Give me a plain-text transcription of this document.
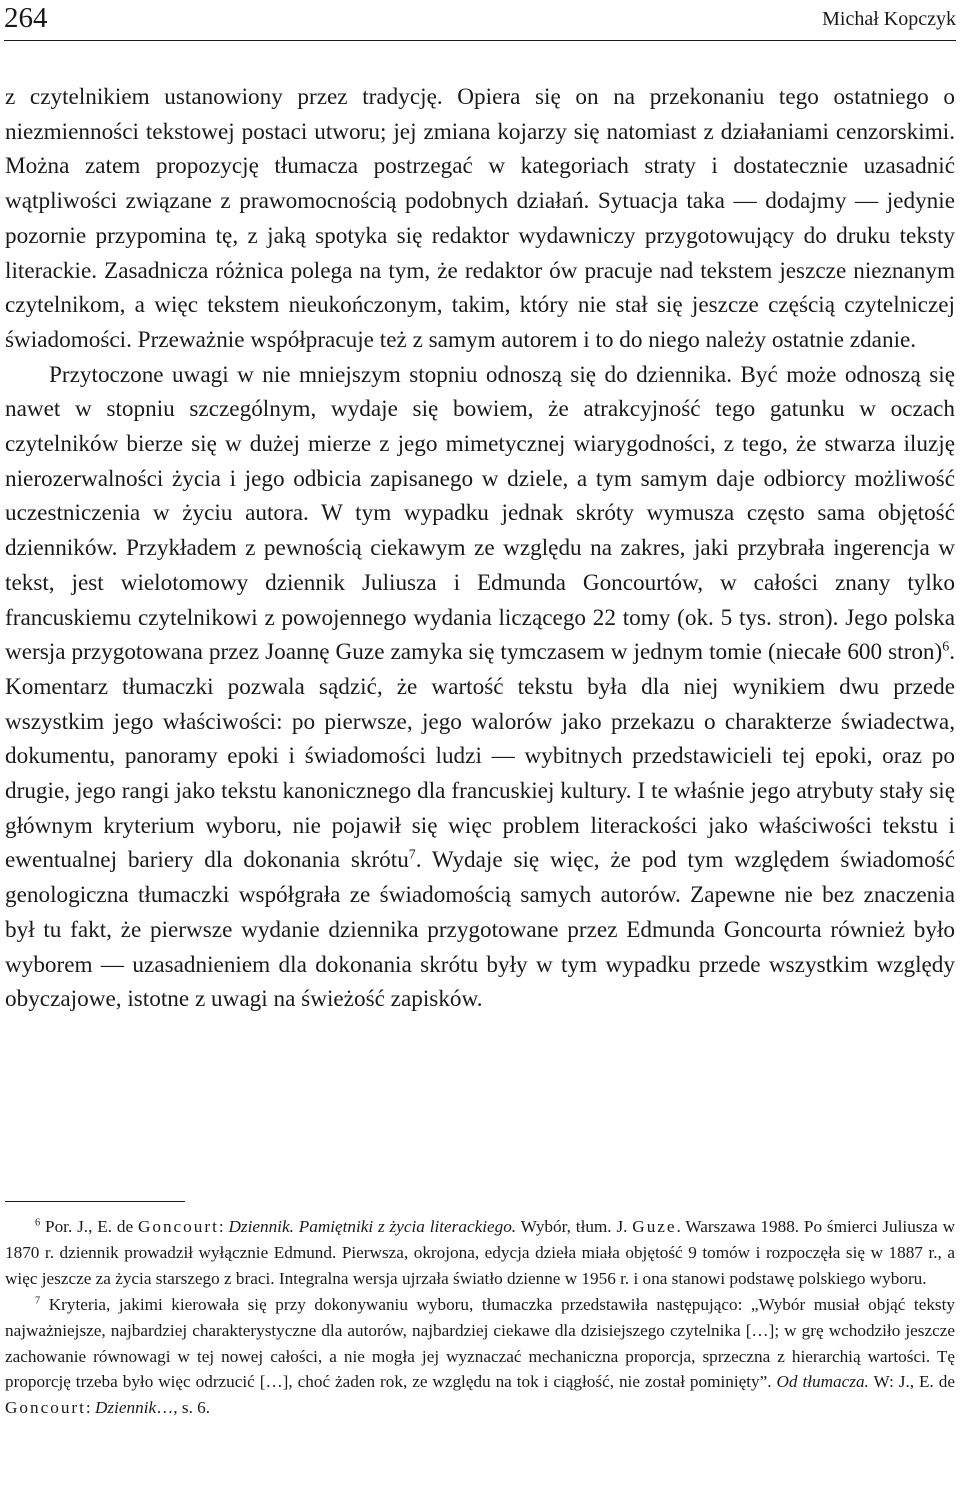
264	Michał Kopczyk

z czytelnikiem ustanowiony przez tradycję. Opiera się on na przekonaniu tego ostatniego o niezmienności tekstowej postaci utworu; jej zmiana kojarzy się natomiast z działaniami cenzorskimi. Można zatem propozycję tłumacza postrzegać w kategoriach straty i dostatecznie uzasadnić wątpliwości związane z prawomocnością podobnych działań. Sytuacja taka — dodajmy — jedynie pozornie przypomina tę, z jaką spotyka się redaktor wydawniczy przygotowujący do druku teksty literackie. Zasadnicza różnica polega na tym, że redaktor ów pracuje nad tekstem jeszcze nieznanym czytelnikom, a więc tekstem nieukończonym, takim, który nie stał się jeszcze częścią czytelniczej świadomości. Przeważnie współpracuje też z samym autorem i to do niego należy ostatnie zdanie.

Przytoczone uwagi w nie mniejszym stopniu odnoszą się do dziennika. Być może odnoszą się nawet w stopniu szczególnym, wydaje się bowiem, że atrakcyjność tego gatunku w oczach czytelników bierze się w dużej mierze z jego mimetycznej wiarygodności, z tego, że stwarza iluzję nierozerwalności życia i jego odbicia zapisanego w dziele, a tym samym daje odbiorcy możliwość uczestniczenia w życiu autora. W tym wypadku jednak skróty wymusza często sama objętość dzienników. Przykładem z pewnością ciekawym ze względu na zakres, jaki przybrała ingerencja w tekst, jest wielotomowy dziennik Juliusza i Edmunda Goncourtów, w całości znany tylko francuskiemu czytelnikowi z powojennego wydania liczącego 22 tomy (ok. 5 tys. stron). Jego polska wersja przygotowana przez Joannę Guze zamyka się tymczasem w jednym tomie (niecałe 600 stron)$^6$. Komentarz tłumaczki pozwala sądzić, że wartość tekstu była dla niej wynikiem dwu przede wszystkim jego właściwości: po pierwsze, jego walorów jako przekazu o charakterze świadectwa, dokumentu, panoramy epoki i świadomości ludzi — wybitnych przedstawicieli tej epoki, oraz po drugie, jego rangi jako tekstu kanonicznego dla francuskiej kultury. I te właśnie jego atrybuty stały się głównym kryterium wyboru, nie pojawił się więc problem literackości jako właściwości tekstu i ewentualnej bariery dla dokonania skrótu$^7$. Wydaje się więc, że pod tym względem świadomość genologiczna tłumaczki współgrała ze świadomością samych autorów. Zapewne nie bez znaczenia był tu fakt, że pierwsze wydanie dziennika przygotowane przez Edmunda Goncourta również było wyborem — uzasadnieniem dla dokonania skrótu były w tym wypadku przede wszystkim względy obyczajowe, istotne z uwagi na świeżość zapisków.

$^6$ Por. J., E. de Goncourt: Dziennik. Pamiętniki z życia literackiego. Wybór, tłum. J. Guze. Warszawa 1988. Po śmierci Juliusza w 1870 r. dziennik prowadził wyłącznie Edmund. Pierwsza, okrojona, edycja dzieła miała objętość 9 tomów i rozpoczęła się w 1887 r., a więc jeszcze za życia starszego z braci. Integralna wersja ujrzała światło dzienne w 1956 r. i ona stanowi podstawę polskiego wyboru.

$^7$ Kryteria, jakimi kierowała się przy dokonywaniu wyboru, tłumaczka przedstawiła następująco: „Wybór musiał objąć teksty najważniejsze, najbardziej charakterystyczne dla autorów, najbardziej ciekawe dla dzisiejszego czytelnika […]; w grę wchodziło jeszcze zachowanie równowagi w tej nowej całości, a nie mogła jej wyznaczać mechaniczna proporcja, sprzeczna z hierarchią wartości. Tę proporcję trzeba było więc odrzucić […], choć żaden rok, ze względu na tok i ciągłość, nie został pominięty”. Od tłumacza. W: J., E. de Goncourt: Dziennik…, s. 6.
